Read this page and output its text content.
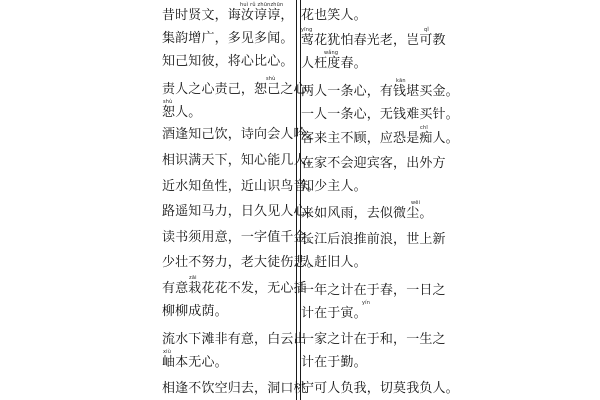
昔时贤文，诲汝谆谆，
集韵增广，多见多闻。
知己知彼，将心比心。
责人之心责己，恕己之心
恕人。
酒逢知己饮，诗向会人吟。
相识满天下，知心能几人。
近水知鱼性，近山识鸟音。
路遥知马力，日久见人心。
读书须用意，一字值千金。
少壮不努力，老大徒伤悲。
有意栽花花不发，无心插
柳柳成荫。
流水下滩非有意，白云出
岫本无心。
相逢不饮空归去，洞口桃
huì rǔ zhūnzhūn
shù
shù
zāi
xiù
花也笑人。
莺花犹怕春光老，岂可教
人枉度春。
两人一条心，有钱堪买金。
一人一条心，无钱难买针。
客来主不顾，应恐是痴人。
在家不会迎宾客，出外方
知少主人。
来如风雨，去似微尘。
长江后浪推前浪，世上新
人赶旧人。
一年之计在于春，一日之
计在于寅。
一家之计在于和，一生之
计在于勤。
宁可人负我，切莫我负人。
yīng	qǐ
wǎng
kān
chī
wēi
yín
